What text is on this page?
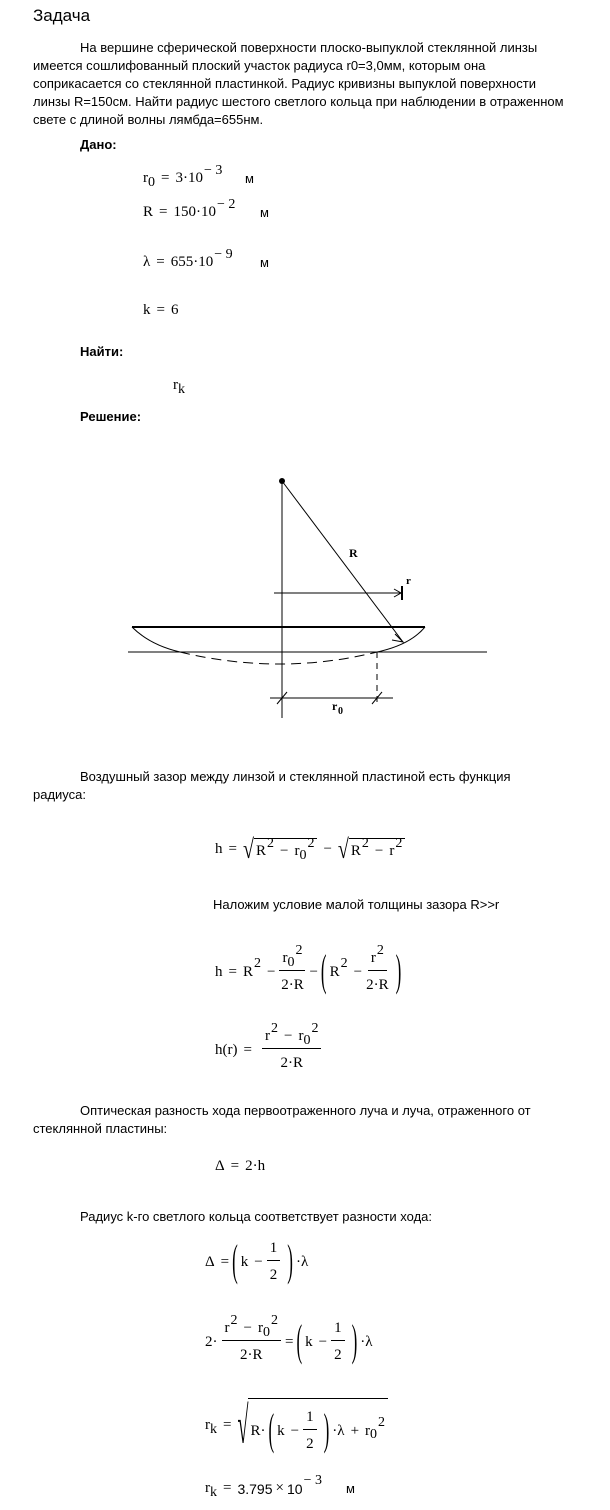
Задача
На вершине сферической поверхности плоско-выпуклой стеклянной линзы
имеется сошлифованный плоский участок радиуса r0=3,0мм, которым она
соприкасается со стеклянной пластинкой. Радиус кривизны выпуклой поверхности
линзы R=150см. Найти радиус шестого светлого кольца при наблюдении в отраженном
свете с длиной волны лямбда=655нм.
Дано:
$r_0 = 3\cdot 10^{- 3}$
м
$R = 150\cdot 10^{- 2}$
м
$\lambda = 655\cdot 10^{- 9}$
м
k = 6
Найти:
$r_k$
Решение:
R
r
r 0
Воздушный зазор между линзой и стеклянной пластиной есть функция
радиуса:
h = √ $R^2 - r_0$
$^2$ − √ $R^2 - r^2$
Наложим условие малой толщины зазора R>>r
$h = R^2 - \frac{r_0^2}{2\cdot R}$ − ( $R^2 - \frac{r^2}{2\cdot R}$ )
$h(r) = \frac{r^2 - r_0^2}{2\cdot R}$
Оптическая разность хода первоотраженного луча и луча, отраженного от
стеклянной пластины:
Δ = 2 · h
Радиус k-го светлого кольца соответствует разности хода:
Δ = ( $k - \frac{1}{2}$ ) · λ
$2 \cdot \frac{r^2 - r_0^2}{2\cdot R}$ = ( $k - \frac{1}{2}$ ) · λ
$r_k$ = √ R · ( $k - \frac{1}{2}$ ) · $\lambda + r_0$
$^2$
$r_k = 3.795 \times 10$
$^{- 3}$
м
